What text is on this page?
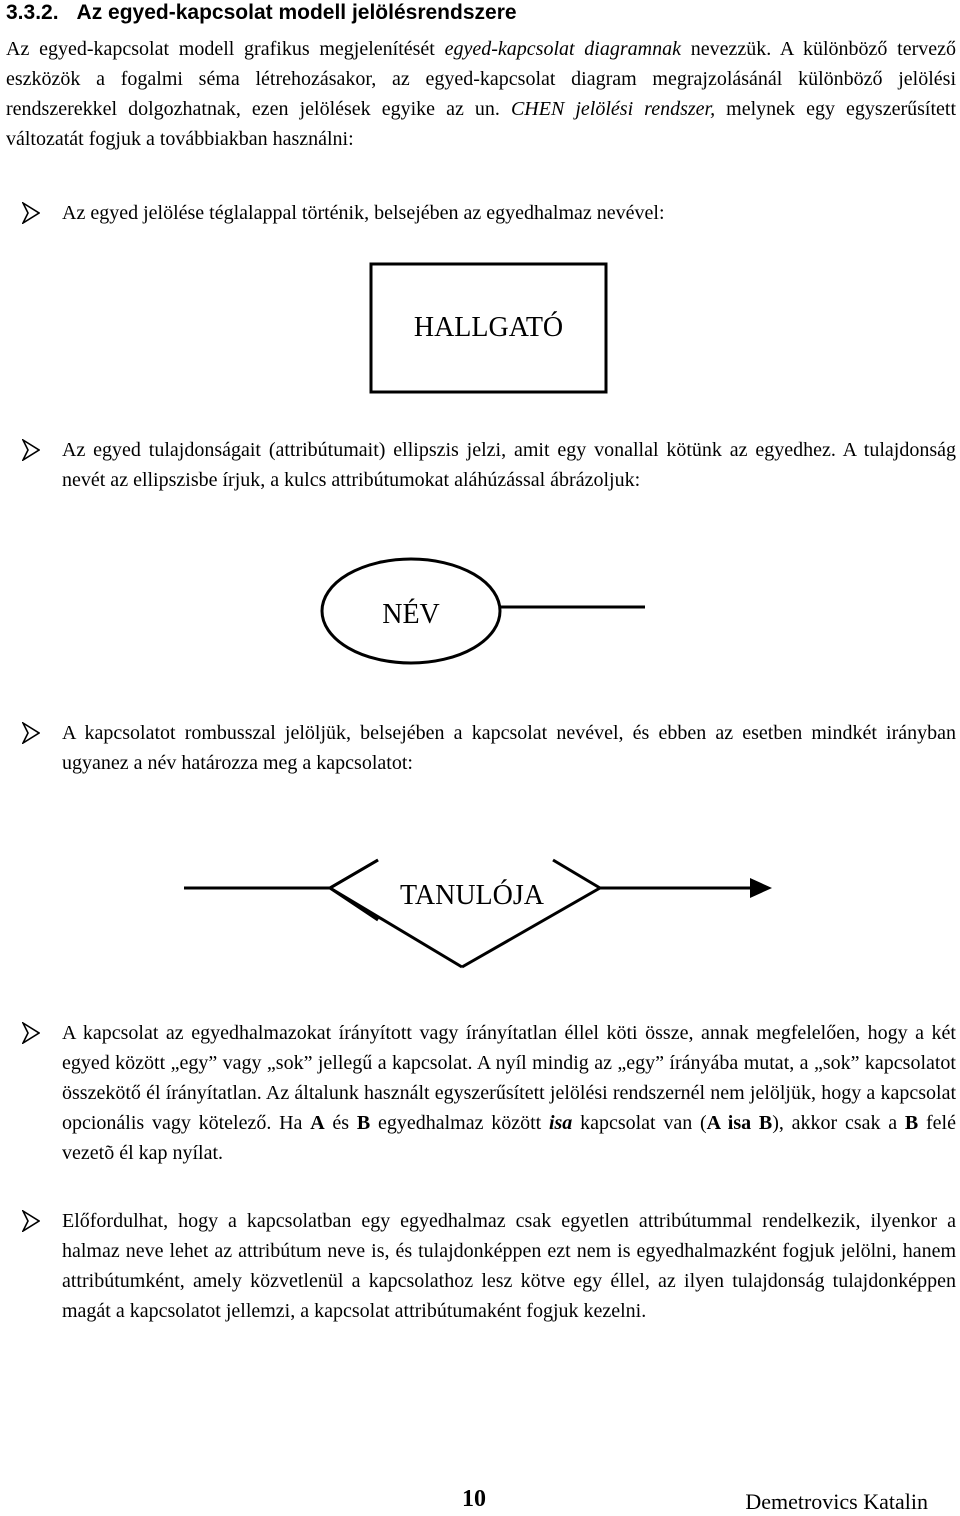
3.3.2. Az egyed-kapcsolat modell jelölésrendszere
Az egyed-kapcsolat modell grafikus megjelenítését egyed-kapcsolat diagramnak nevezzük. A különböző tervező eszközök a fogalmi séma létrehozásakor, az egyed-kapcsolat diagram megrajzolásánál különböző jelölési rendszerekkel dolgozhatnak, ezen jelölések egyike az un. CHEN jelölési rendszer, melynek egy egyszerűsített változatát fogjuk a továbbiakban használni:
Az egyed jelölése téglalappal történik, belsejében az egyedhalmaz nevével:
HALLGATÓ
Az egyed tulajdonságait (attribútumait) ellipszis jelzi, amit egy vonallal kötünk az egyedhez. A tulajdonság nevét az ellipszisbe írjuk, a kulcs attribútumokat aláhúzással ábrázoljuk:
NÉV
A kapcsolatot rombusszal jelöljük, belsejében a kapcsolat nevével, és ebben az esetben mindkét irányban ugyanez a név határozza meg a kapcsolatot:
TANULÓJA
A kapcsolat az egyedhalmazokat írányított vagy írányítatlan éllel köti össze, annak megfelelően, hogy a két egyed között „egy” vagy „sok” jellegű a kapcsolat. A nyíl mindig az „egy” írányába mutat, a „sok” kapcsolatot összekötő él írányítatlan. Az általunk használt egyszerűsített jelölési rendszernél nem jelöljük, hogy a kapcsolat opcionális vagy kötelező. Ha A és B egyedhalmaz között isa kapcsolat van (A isa B), akkor csak a B felé vezetõ él kap nyílat.
Előfordulhat, hogy a kapcsolatban egy egyedhalmaz csak egyetlen attribútummal rendelkezik, ilyenkor a halmaz neve lehet az attribútum neve is, és tulajdonképpen ezt nem is egyedhalmazként fogjuk jelölni, hanem attribútumként, amely közvetlenül a kapcsolathoz lesz kötve egy éllel, az ilyen tulajdonság tulajdonképpen magát a kapcsolatot jellemzi, a kapcsolat attribútumaként fogjuk kezelni.
10	Demetrovics Katalin
